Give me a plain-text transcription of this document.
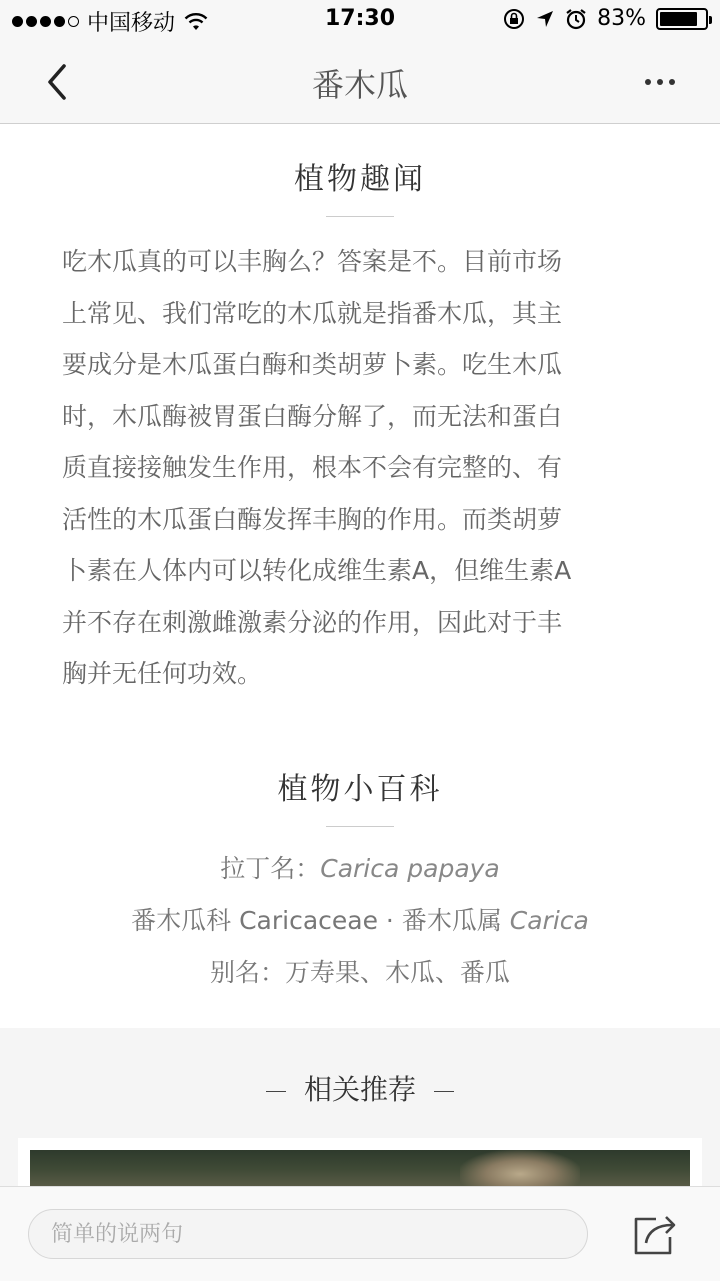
中国移动	17:30	83%
番木瓜
植物趣闻
吃木瓜真的可以丰胸么？答案是不。目前市场
上常见、我们常吃的木瓜就是指番木瓜，其主
要成分是木瓜蛋白酶和类胡萝卜素。吃生木瓜
时，木瓜酶被胃蛋白酶分解了，而无法和蛋白
质直接接触发生作用，根本不会有完整的、有
活性的木瓜蛋白酶发挥丰胸的作用。而类胡萝
卜素在人体内可以转化成维生素A，但维生素A
并不存在刺激雌激素分泌的作用，因此对于丰
胸并无任何功效。
植物小百科
拉丁名：Carica papaya
番木瓜科 Caricaceae · 番木瓜属 Carica
别名：万寿果、木瓜、番瓜
相关推荐
简单的说两句
